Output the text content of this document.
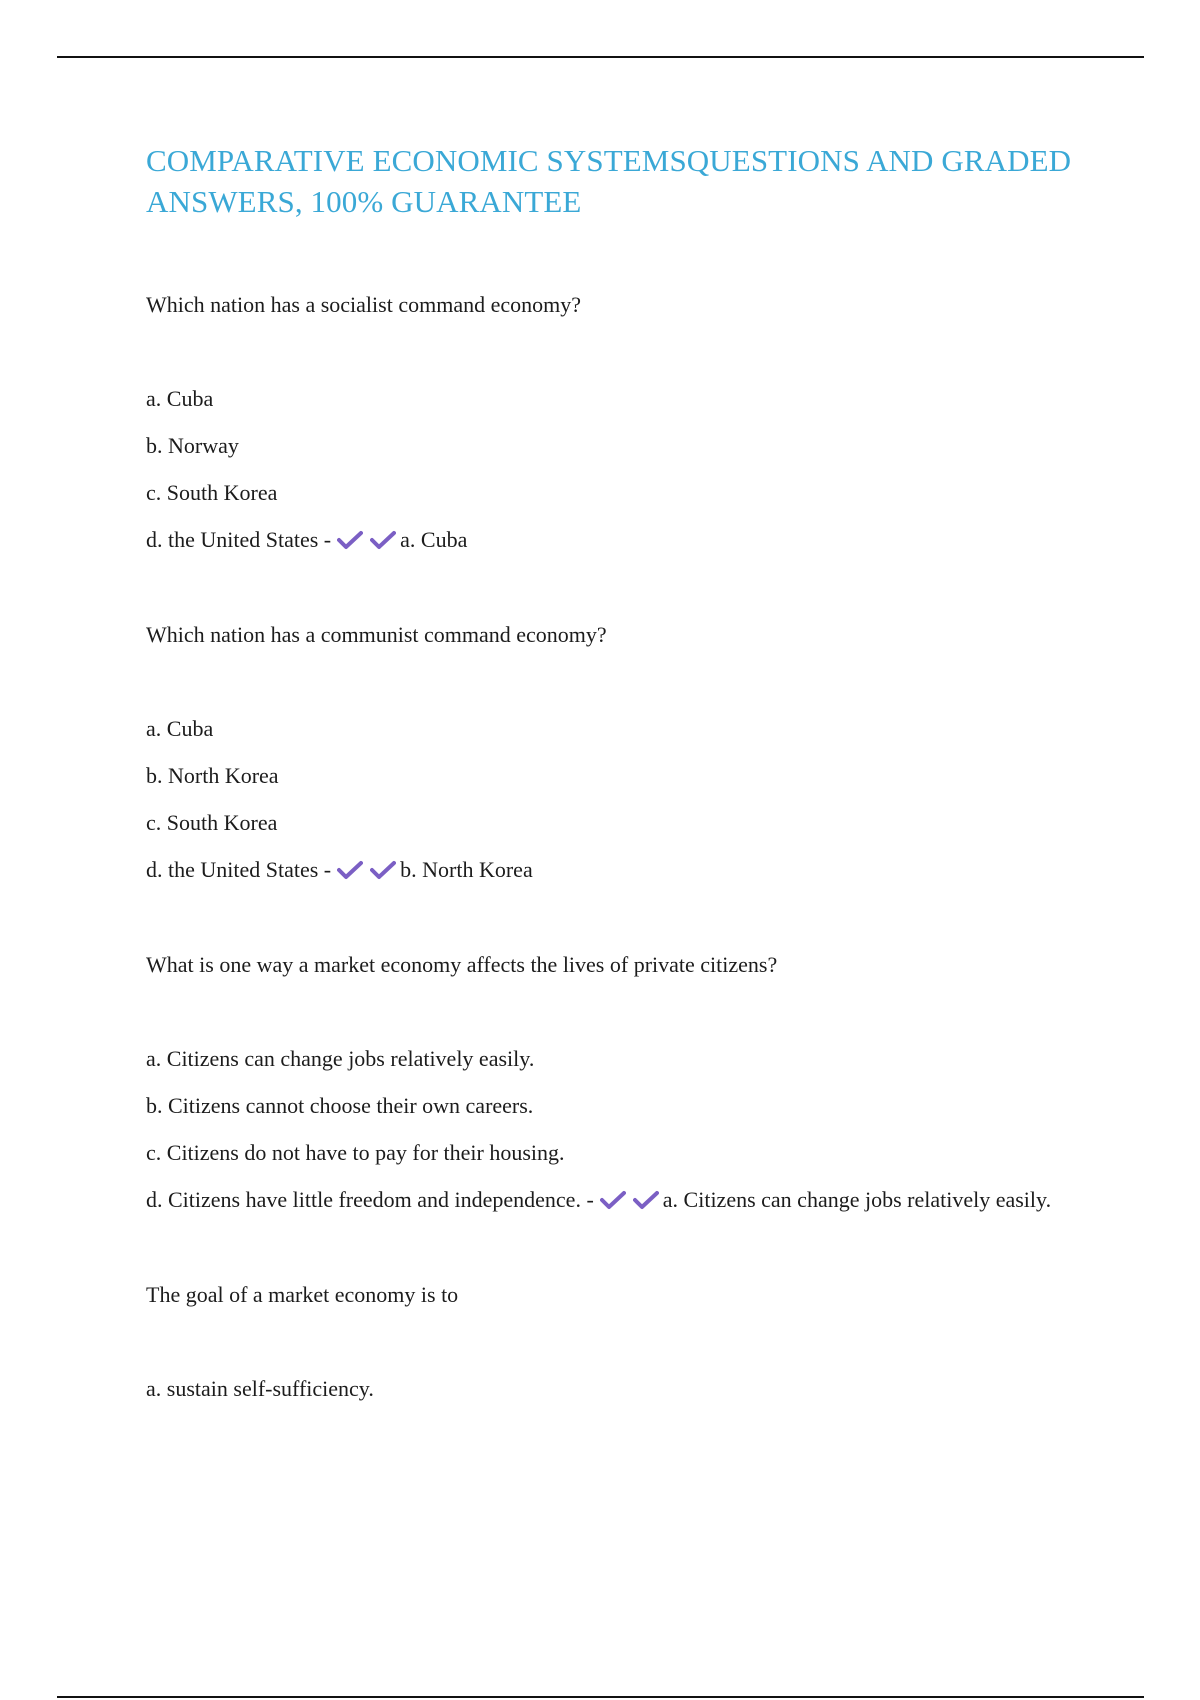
COMPARATIVE ECONOMIC SYSTEMSQUESTIONS AND GRADED ANSWERS, 100% GUARANTEE

Which nation has a socialist command economy?

a. Cuba

b. Norway

c. South Korea

d. the United States -	a. Cuba

Which nation has a communist command economy?

a. Cuba

b. North Korea

c. South Korea

d. the United States -	b. North Korea

What is one way a market economy affects the lives of private citizens?

a. Citizens can change jobs relatively easily.

b. Citizens cannot choose their own careers.

c. Citizens do not have to pay for their housing.

d. Citizens have little freedom and independence. -	a. Citizens can change jobs relatively easily.

The goal of a market economy is to

a. sustain self-sufficiency.
